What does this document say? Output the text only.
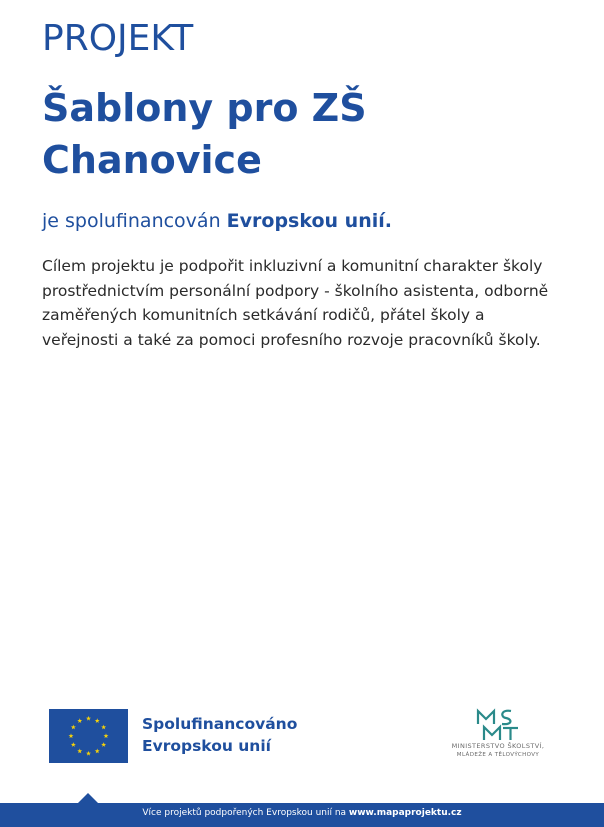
PROJEKT
Šablony pro ZŠ
Chanovice
je spolufinancován Evropskou unií.
Cílem projektu je podpořit inkluzivní a komunitní charakter školy prostřednictvím personální podpory - školního asistenta, odborně zaměřených komunitních setkávání rodičů, přátel školy a veřejnosti a také za pomoci profesního rozvoje pracovníků školy.
Spolufinancováno
Evropskou unií	MINISTERSTVO ŠKOLSTVÍ,
MLÁDEŽE A TĚLOVÝCHOVY
Více projektů podpořených Evropskou unií na www.mapaprojektu.cz
